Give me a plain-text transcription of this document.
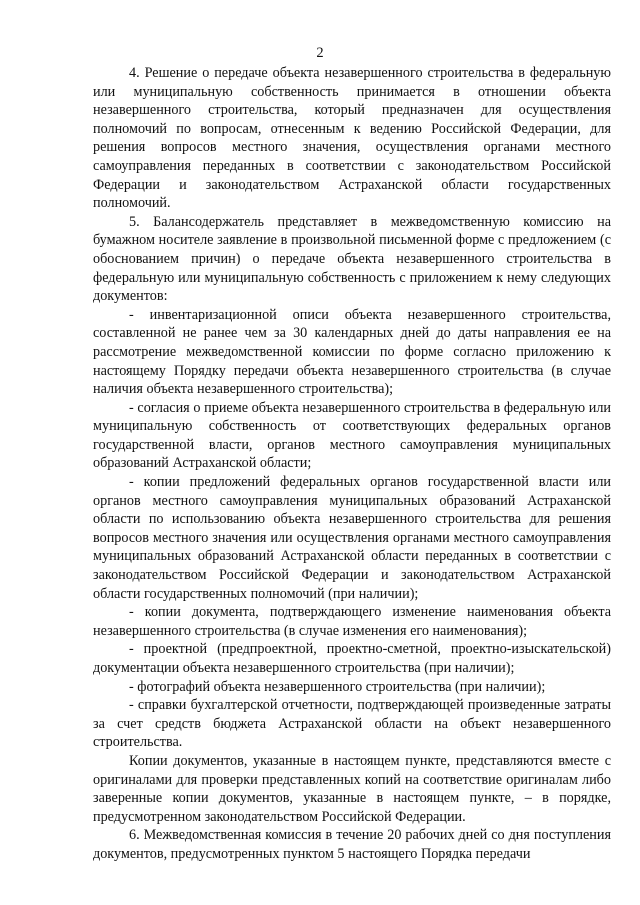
2

4. Решение о передаче объекта незавершенного строительства в федеральную или муниципальную собственность принимается в отношении объекта незавершенного строительства, который предназначен для осуществления полномочий по вопросам, отнесенным к ведению Российской Федерации, для решения вопросов местного значения, осуществления органами местного самоуправления переданных в соответствии с законодательством Российской Федерации и законодательством Астраханской области государственных полномочий.

5. Балансодержатель представляет в межведомственную комиссию на бумажном носителе заявление в произвольной письменной форме с предложением (с обоснованием причин) о передаче объекта незавершенного строительства в федеральную или муниципальную собственность с приложением к нему следующих документов:

- инвентаризационной описи объекта незавершенного строительства, составленной не ранее чем за 30 календарных дней до даты направления ее на рассмотрение межведомственной комиссии по форме согласно приложению к настоящему Порядку передачи объекта незавершенного строительства (в случае наличия объекта незавершенного строительства);

- согласия о приеме объекта незавершенного строительства в федеральную или муниципальную собственность от соответствующих федеральных органов государственной власти, органов местного самоуправления муниципальных образований Астраханской области;

- копии предложений федеральных органов государственной власти или органов местного самоуправления муниципальных образований Астраханской области по использованию объекта незавершенного строительства для решения вопросов местного значения или осуществления органами местного самоуправления муниципальных образований Астраханской области переданных в соответствии с законодательством Российской Федерации и законодательством Астраханской области государственных полномочий (при наличии);

- копии документа, подтверждающего изменение наименования объекта незавершенного строительства (в случае изменения его наименования);

- проектной (предпроектной, проектно-сметной, проектно-изыскательской) документации объекта незавершенного строительства (при наличии);

- фотографий объекта незавершенного строительства (при наличии);

- справки бухгалтерской отчетности, подтверждающей произведенные затраты за счет средств бюджета Астраханской области на объект незавершенного строительства.

Копии документов, указанные в настоящем пункте, представляются вместе с оригиналами для проверки представленных копий на соответствие оригиналам либо заверенные копии документов, указанные в настоящем пункте, – в порядке, предусмотренном законодательством Российской Федерации.

6. Межведомственная комиссия в течение 20 рабочих дней со дня поступления документов, предусмотренных пунктом 5 настоящего Порядка передачи
